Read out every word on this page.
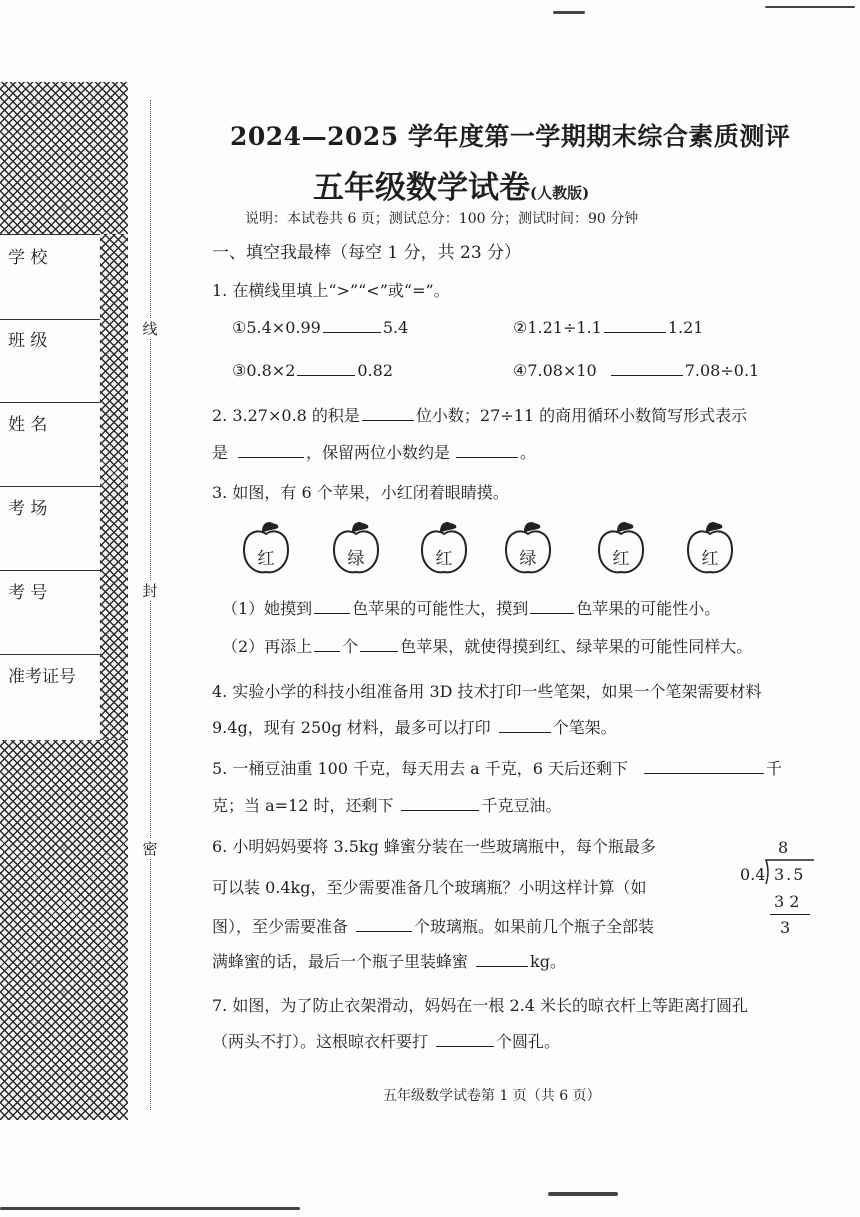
学 校
班 级
姓 名
考 场
考 号
准考证号
线
封
密
2024—2025 学年度第一学期期末综合素质测评
五年级数学试卷(人教版)
说明：本试卷共 6 页；测试总分：100 分；测试时间：90 分钟
一、填空我最棒（每空 1 分，共 23 分）
1. 在横线里填上“>”“<”或“=”。
①5.4×0.99	5.4	②1.21÷1.1	1.21
③0.8×2	0.82	④7.08×10	7.08÷0.1
2. 3.27×0.8 的积是	位小数；27÷11 的商用循环小数简写形式表示
是	，保留两位小数约是	。
3. 如图，有 6 个苹果，小红闭着眼睛摸。
红	绿	红	绿	红	红
（1）她摸到	色苹果的可能性大，摸到	色苹果的可能性小。
（2）再添上 个	色苹果，就使得摸到红、绿苹果的可能性同样大。
4. 实验小学的科技小组准备用 3D 技术打印一些笔架，如果一个笔架需要材料
9.4g，现有 250g 材料，最多可以打印	个笔架。
5. 一桶豆油重 100 千克，每天用去 a 千克，6 天后还剩下	千
克；当 a=12 时，还剩下	千克豆油。
6. 小明妈妈要将 3.5kg 蜂蜜分装在一些玻璃瓶中，每个瓶最多
可以装 0.4kg，至少需要准备几个玻璃瓶？小明这样计算（如
图），至少需要准备	个玻璃瓶。如果前几个瓶子全部装
满蜂蜜的话，最后一个瓶子里装蜂蜜	kg。
8
0.4 3.5
3 2
3
7. 如图，为了防止衣架滑动，妈妈在一根 2.4 米长的晾衣杆上等距离打圆孔
（两头不打）。这根晾衣杆要打	个圆孔。
五年级数学试卷第 1 页（共 6 页）
